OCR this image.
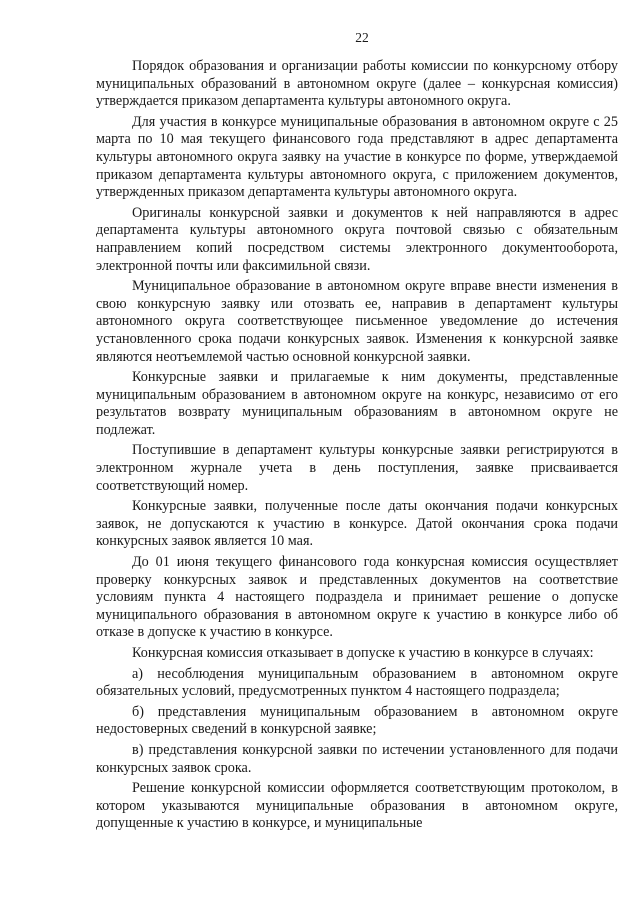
22

Порядок образования и организации работы комиссии по конкурсному отбору муниципальных образований в автономном округе (далее – конкурсная комиссия) утверждается приказом департамента культуры автономного округа.

Для участия в конкурсе муниципальные образования в автономном округе с 25 марта по 10 мая текущего финансового года представляют в адрес департамента культуры автономного округа заявку на участие в конкурсе по форме, утверждаемой приказом департамента культуры автономного округа, с приложением документов, утвержденных приказом департамента культуры автономного округа.

Оригиналы конкурсной заявки и документов к ней направляются в адрес департамента культуры автономного округа почтовой связью с обязательным направлением копий посредством системы электронного документооборота, электронной почты или факсимильной связи.

Муниципальное образование в автономном округе вправе внести изменения в свою конкурсную заявку или отозвать ее, направив в департамент культуры автономного округа соответствующее письменное уведомление до истечения установленного срока подачи конкурсных заявок. Изменения к конкурсной заявке являются неотъемлемой частью основной конкурсной заявки.

Конкурсные заявки и прилагаемые к ним документы, представленные муниципальным образованием в автономном округе на конкурс, независимо от его результатов возврату муниципальным образованиям в автономном округе не подлежат.

Поступившие в департамент культуры конкурсные заявки регистрируются в электронном журнале учета в день поступления, заявке присваивается соответствующий номер.

Конкурсные заявки, полученные после даты окончания подачи конкурсных заявок, не допускаются к участию в конкурсе. Датой окончания срока подачи конкурсных заявок является 10 мая.

До 01 июня текущего финансового года конкурсная комиссия осуществляет проверку конкурсных заявок и представленных документов на соответствие условиям пункта 4 настоящего подраздела и принимает решение о допуске муниципального образования в автономном округе к участию в конкурсе либо об отказе в допуске к участию в конкурсе.

Конкурсная комиссия отказывает в допуске к участию в конкурсе в случаях:

а) несоблюдения муниципальным образованием в автономном округе обязательных условий, предусмотренных пунктом 4 настоящего подраздела;

б) представления муниципальным образованием в автономном округе недостоверных сведений в конкурсной заявке;

в) представления конкурсной заявки по истечении установленного для подачи конкурсных заявок срока.

Решение конкурсной комиссии оформляется соответствующим протоколом, в котором указываются муниципальные образования в автономном округе, допущенные к участию в конкурсе, и муниципальные
